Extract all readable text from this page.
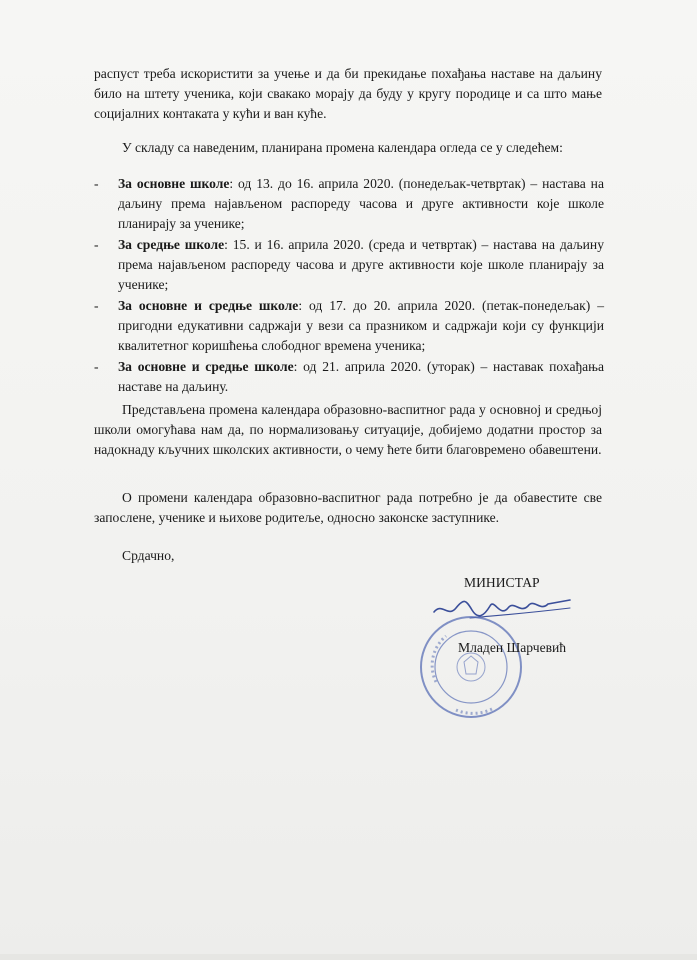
распуст треба искористити за учење и да би прекидање похађања наставе на даљину било на штету ученика, који свакако морају да буду у кругу породице и са што мање социјалних контаката у кући и ван куће.

У складу са наведеним, планирана промена календара огледа се у следећем:

- За основне школе: од 13. до 16. априла 2020. (понедељак-четвртак) – настава на даљину према најављеном распореду часова и друге активности које школе планирају за ученике;
- За средње школе: 15. и 16. априла 2020. (среда и четвртак) – настава на даљину према најављеном распореду часова и друге активности које школе планирају за ученике;
- За основне и средње школе: од 17. до 20. априла 2020. (петак-понедељак) – пригодни едукативни садржаји у вези са празником и садржаји који су функцији квалитетног коришћења слободног времена ученика;
- За основне и средње школе: од 21. априла 2020. (уторак) – наставак похађања наставе на даљину.

Представљена промена календара образовно-васпитног рада у основној и средњој школи омогућава нам да, по нормализовању ситуације, добијемо додатни простор за надокнаду кључних школских активности, о чему ћете бити благовремено обавештени.

О промени календара образовно-васпитног рада потребно је да обавестите све запослене, ученике и њихове родитеље, односно законске заступнике.

Срдачно,

МИНИСТАР
Младен Шарчевић
